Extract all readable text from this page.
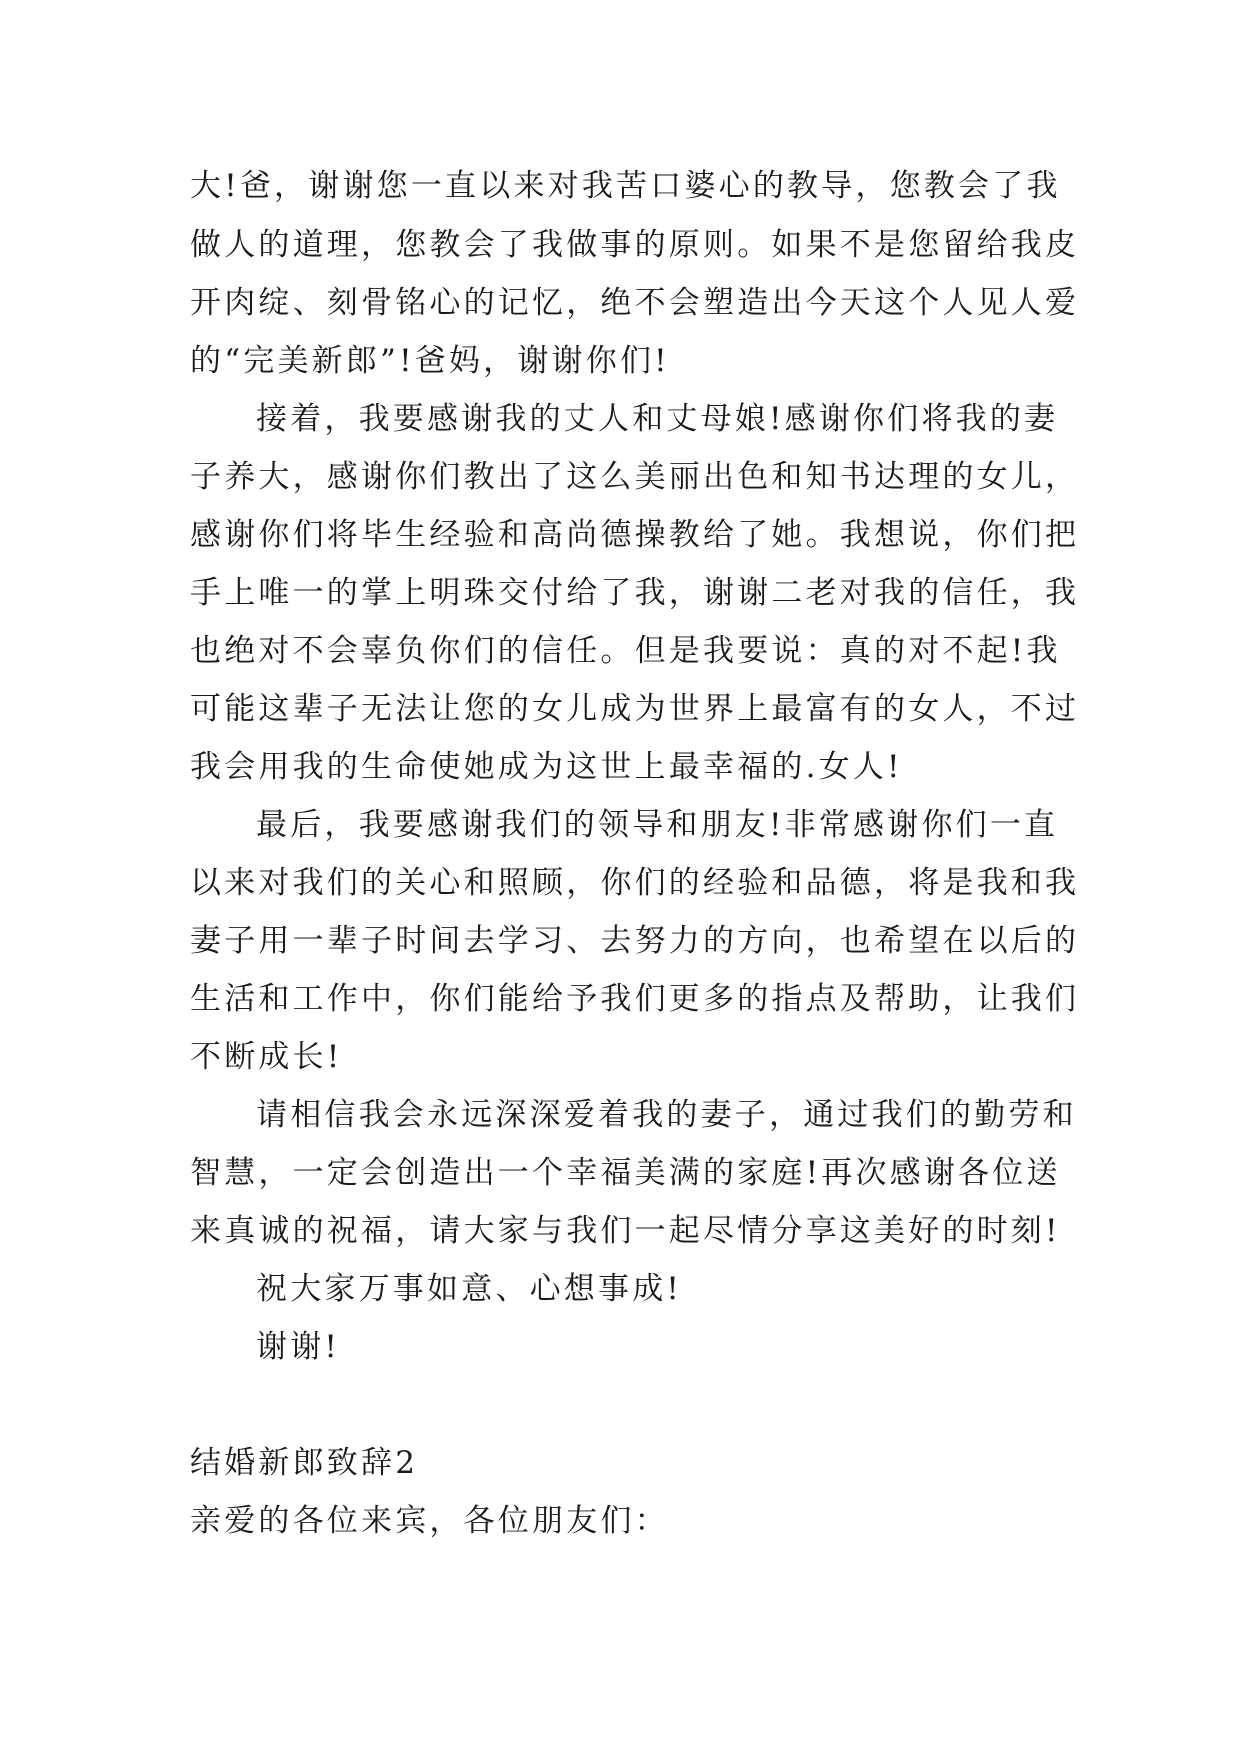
大!爸，谢谢您一直以来对我苦口婆心的教导，您教会了我
做人的道理，您教会了我做事的原则。如果不是您留给我皮
开肉绽、刻骨铭心的记忆，绝不会塑造出今天这个人见人爱
的“完美新郎”!爸妈，谢谢你们!
接着，我要感谢我的丈人和丈母娘!感谢你们将我的妻
子养大，感谢你们教出了这么美丽出色和知书达理的女儿，
感谢你们将毕生经验和高尚德操教给了她。我想说，你们把
手上唯一的掌上明珠交付给了我，谢谢二老对我的信任，我
也绝对不会辜负你们的信任。但是我要说：真的对不起!我
可能这辈子无法让您的女儿成为世界上最富有的女人，不过
我会用我的生命使她成为这世上最幸福的.女人!
最后，我要感谢我们的领导和朋友!非常感谢你们一直
以来对我们的关心和照顾，你们的经验和品德，将是我和我
妻子用一辈子时间去学习、去努力的方向，也希望在以后的
生活和工作中，你们能给予我们更多的指点及帮助，让我们
不断成长!
请相信我会永远深深爱着我的妻子，通过我们的勤劳和
智慧，一定会创造出一个幸福美满的家庭!再次感谢各位送
来真诚的祝福，请大家与我们一起尽情分享这美好的时刻!
祝大家万事如意、心想事成!
谢谢!
结婚新郎致辞2
亲爱的各位来宾，各位朋友们：
